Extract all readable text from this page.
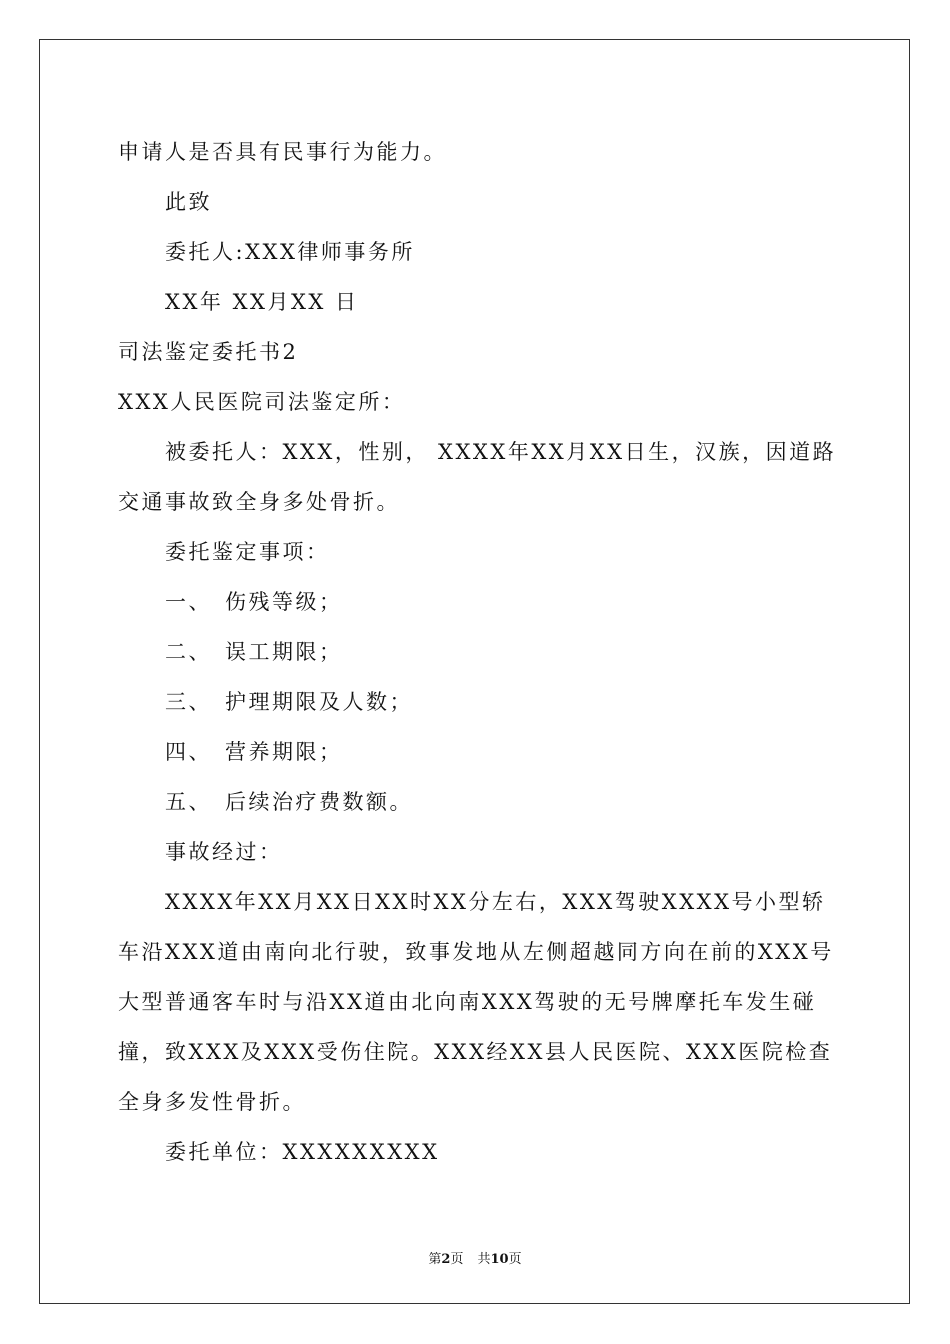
申请人是否具有民事行为能力。
此致
委托人:XXX律师事务所
XX年 XX月XX 日
司法鉴定委托书2
XXX人民医院司法鉴定所：
被委托人：XXX，性别， XXXX年XX月XX日生，汉族，因道路交通事故致全身多处骨折。
委托鉴定事项：
一、 伤残等级；
二、 误工期限；
三、 护理期限及人数；
四、 营养期限；
五、 后续治疗费数额。
事故经过：
XXXX年XX月XX日XX时XX分左右，XXX驾驶XXXX号小型轿车沿XXX道由南向北行驶，致事发地从左侧超越同方向在前的XXX号大型普通客车时与沿XX道由北向南XXX驾驶的无号牌摩托车发生碰撞，致XXX及XXX受伤住院。XXX经XX县人民医院、XXX医院检查全身多发性骨折。
委托单位：XXXXXXXXX
第2页 共10页
